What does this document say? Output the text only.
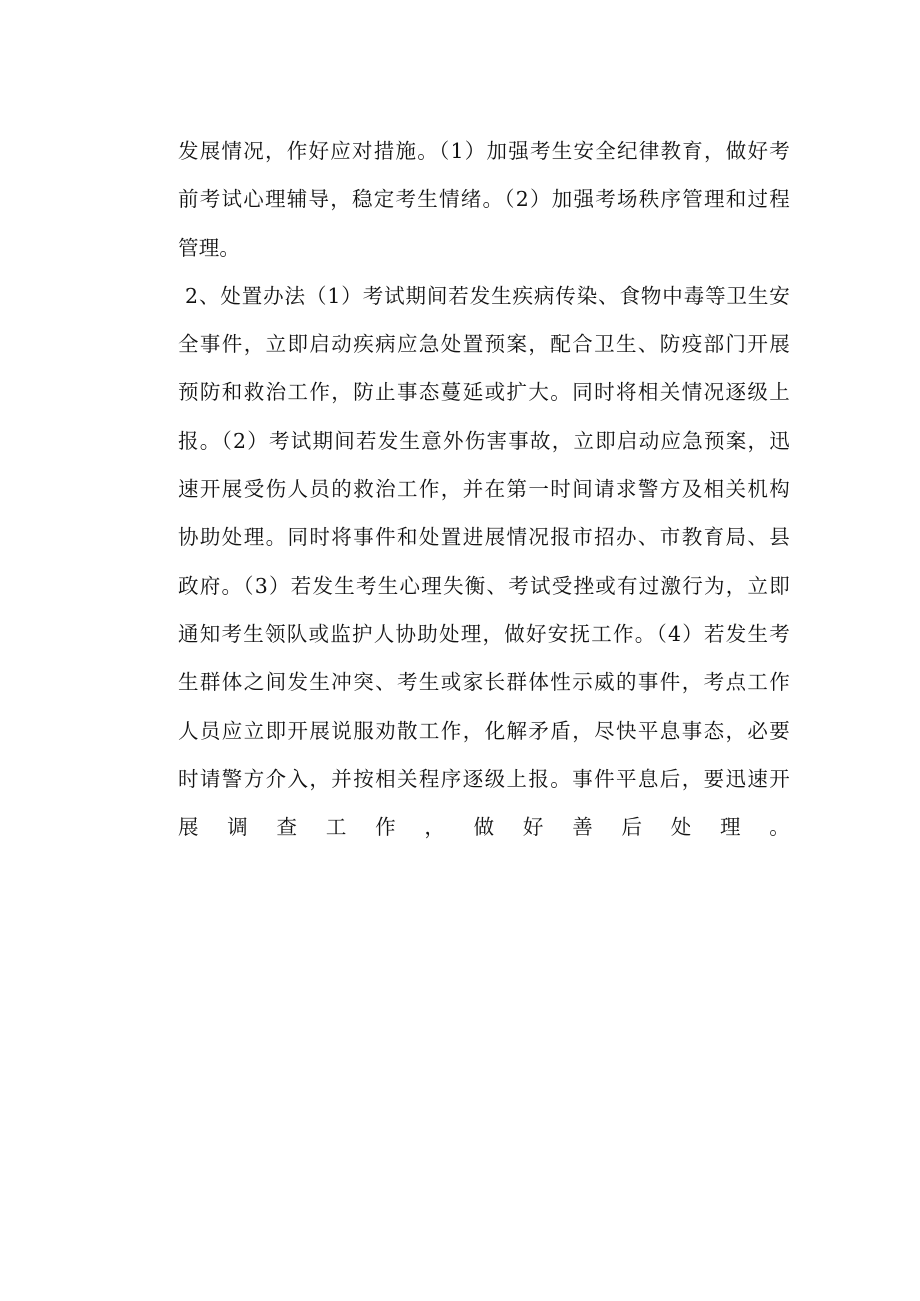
发展情况，作好应对措施。（1）加强考生安全纪律教育，做好考
前考试心理辅导，稳定考生情绪。（2）加强考场秩序管理和过程
管理。
2、处置办法（1）考试期间若发生疾病传染、食物中毒等卫生安
全事件，立即启动疾病应急处置预案，配合卫生、防疫部门开展
预防和救治工作，防止事态蔓延或扩大。同时将相关情况逐级上
报。（2）考试期间若发生意外伤害事故，立即启动应急预案，迅
速开展受伤人员的救治工作，并在第一时间请求警方及相关机构
协助处理。同时将事件和处置进展情况报市招办、市教育局、县
政府。（3）若发生考生心理失衡、考试受挫或有过激行为，立即
通知考生领队或监护人协助处理，做好安抚工作。（4）若发生考
生群体之间发生冲突、考生或家长群体性示威的事件，考点工作
人员应立即开展说服劝散工作，化解矛盾，尽快平息事态，必要
时请警方介入，并按相关程序逐级上报。事件平息后，要迅速开
展调查工作，做好善后处理。
